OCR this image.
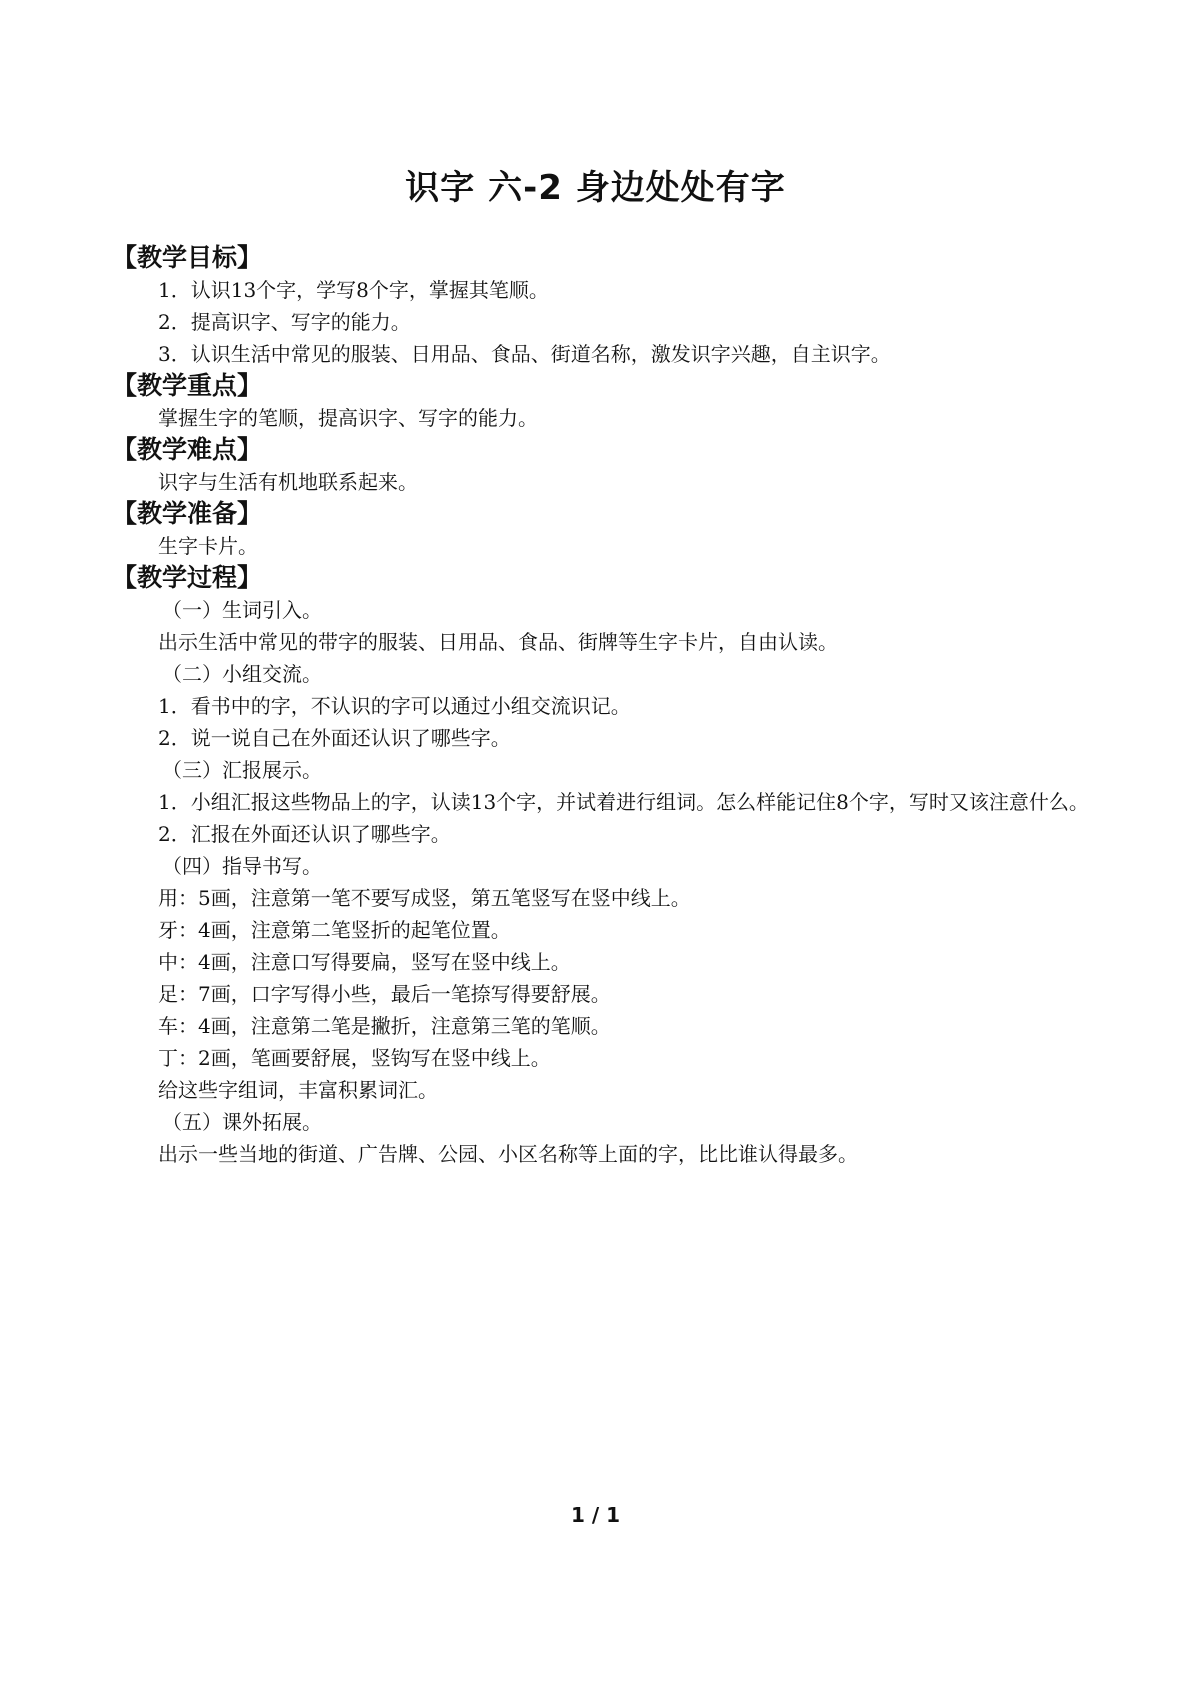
识字 六-2 身边处处有字

【教学目标】

1．认识13个字，学写8个字，掌握其笔顺。

2．提高识字、写字的能力。

3．认识生活中常见的服装、日用品、食品、街道名称，激发识字兴趣，自主识字。

【教学重点】

掌握生字的笔顺，提高识字、写字的能力。

【教学难点】

识字与生活有机地联系起来。

【教学准备】

生字卡片。

【教学过程】

（一）生词引入。

出示生活中常见的带字的服装、日用品、食品、街牌等生字卡片，自由认读。

（二）小组交流。

1．看书中的字，不认识的字可以通过小组交流识记。

2．说一说自己在外面还认识了哪些字。

（三）汇报展示。

1．小组汇报这些物品上的字，认读13个字，并试着进行组词。怎么样能记住8个字，写时又该注意什么。

2．汇报在外面还认识了哪些字。

（四）指导书写。

用：5画，注意第一笔不要写成竖，第五笔竖写在竖中线上。

牙：4画，注意第二笔竖折的起笔位置。

中：4画，注意口写得要扁，竖写在竖中线上。

足：7画，口字写得小些，最后一笔捺写得要舒展。

车：4画，注意第二笔是撇折，注意第三笔的笔顺。

丁：2画，笔画要舒展，竖钩写在竖中线上。

给这些字组词，丰富积累词汇。

（五）课外拓展。

出示一些当地的街道、广告牌、公园、小区名称等上面的字，比比谁认得最多。

1 / 1
